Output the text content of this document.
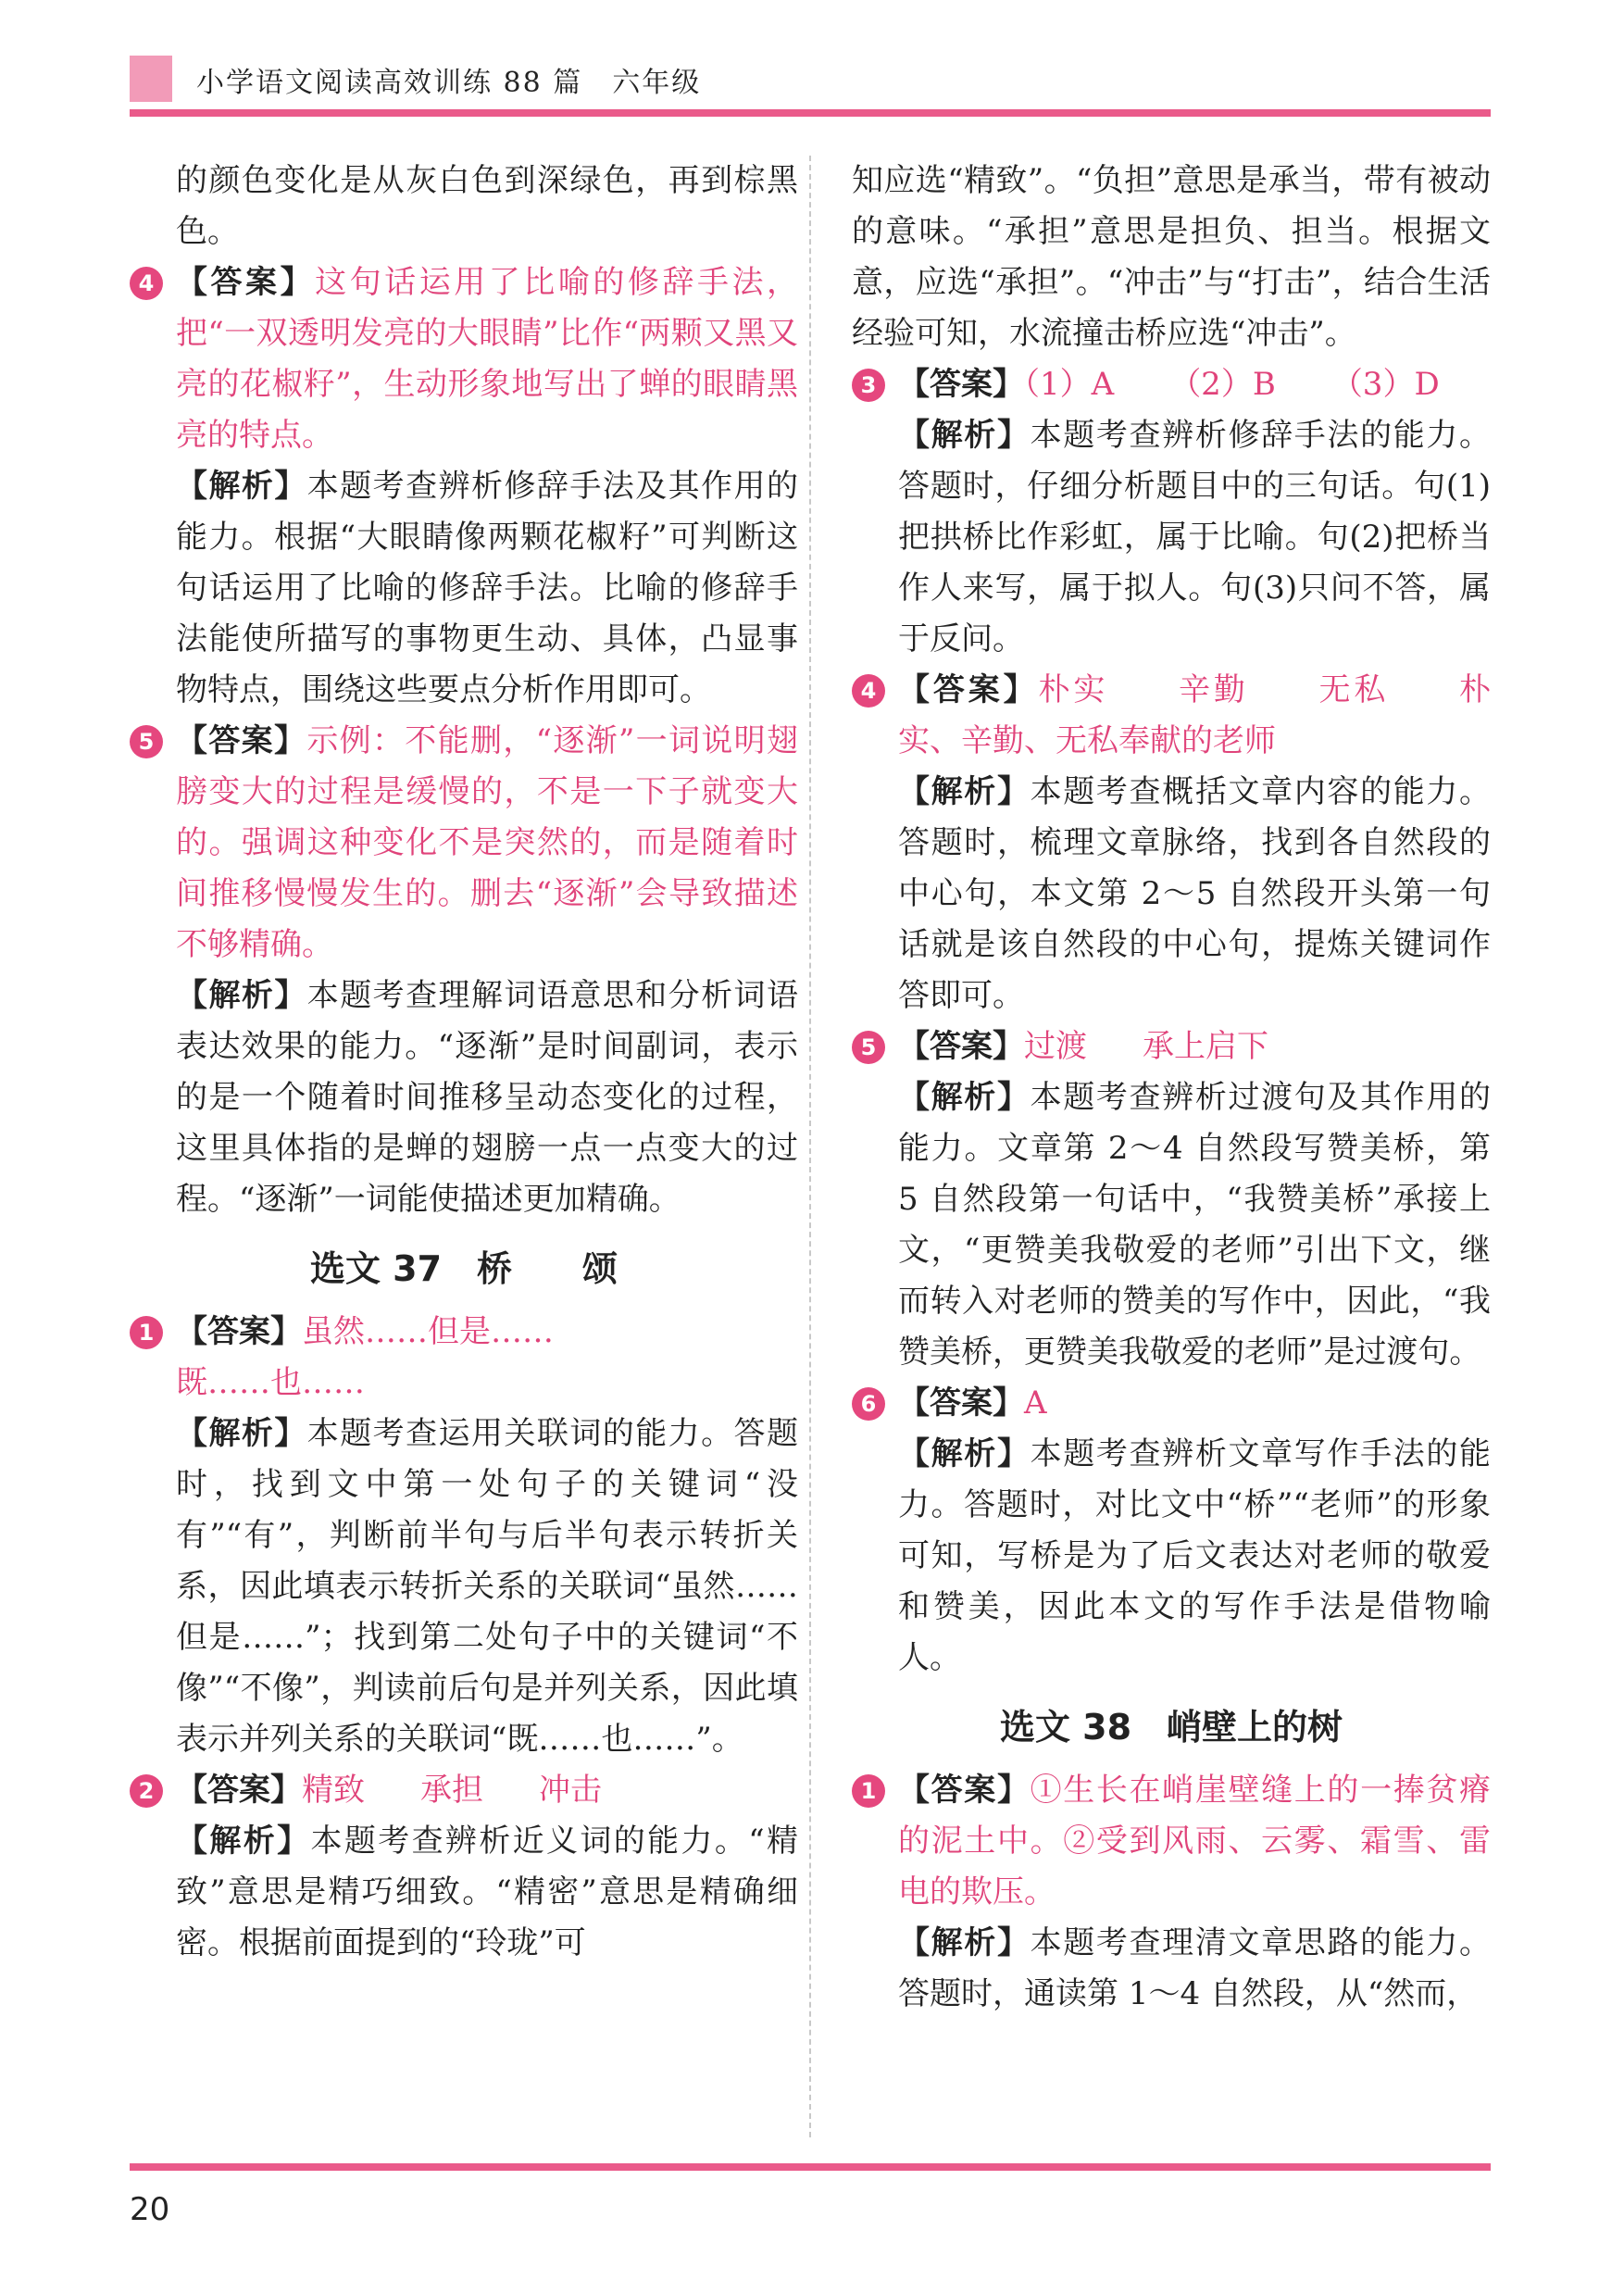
小学语文阅读高效训练 88 篇　六年级

的颜色变化是从灰白色到深绿色，再到棕黑色。

4 【答案】这句话运用了比喻的修辞手法，把“一双透明发亮的大眼睛”比作“两颗又黑又亮的花椒籽”，生动形象地写出了蝉的眼睛黑亮的特点。
【解析】本题考查辨析修辞手法及其作用的能力。根据“大眼睛像两颗花椒籽”可判断这句话运用了比喻的修辞手法。比喻的修辞手法能使所描写的事物更生动、具体，凸显事物特点，围绕这些要点分析作用即可。
5 【答案】示例：不能删，“逐渐”一词说明翅膀变大的过程是缓慢的，不是一下子就变大的。强调这种变化不是突然的，而是随着时间推移慢慢发生的。删去“逐渐”会导致描述不够精确。
【解析】本题考查理解词语意思和分析词语表达效果的能力。“逐渐”是时间副词，表示的是一个随着时间推移呈动态变化的过程，这里具体指的是蝉的翅膀一点一点变大的过程。“逐渐”一词能使描述更加精确。
选文 37　桥　　颂
1 【答案】虽然……但是……
既……也……
【解析】本题考查运用关联词的能力。答题时，找到文中第一处句子的关键词“没有”“有”，判断前半句与后半句表示转折关系，因此填表示转折关系的关联词“虽然……但是……”；找到第二处句子中的关键词“不像”“不像”，判读前后句是并列关系，因此填表示并列关系的关联词“既……也……”。
2 【答案】精致 承担 冲击
【解析】本题考查辨析近义词的能力。“精致”意思是精巧细致。“精密”意思是精确细密。根据前面提到的“玲珑”可

知应选“精致”。“负担”意思是承当，带有被动的意味。“承担”意思是担负、担当。根据文意，应选“承担”。“冲击”与“打击”，结合生活经验可知，水流撞击桥应选“冲击”。

3 【答案】（1）A （2）B （3）D
【解析】本题考查辨析修辞手法的能力。答题时，仔细分析题目中的三句话。句(1)把拱桥比作彩虹，属于比喻。句(2)把桥当作人来写，属于拟人。句(3)只问不答，属于反问。
4 【答案】朴实　　辛勤　　无私　　朴实、辛勤、无私奉献的老师
【解析】本题考查概括文章内容的能力。答题时，梳理文章脉络，找到各自然段的中心句，本文第 2～5 自然段开头第一句话就是该自然段的中心句，提炼关键词作答即可。
5 【答案】过渡 承上启下
【解析】本题考查辨析过渡句及其作用的能力。文章第 2～4 自然段写赞美桥，第 5 自然段第一句话中，“我赞美桥”承接上文，“更赞美我敬爱的老师”引出下文，继而转入对老师的赞美的写作中，因此，“我赞美桥，更赞美我敬爱的老师”是过渡句。
6 【答案】A
【解析】本题考查辨析文章写作手法的能力。答题时，对比文中“桥”“老师”的形象可知，写桥是为了后文表达对老师的敬爱和赞美，因此本文的写作手法是借物喻人。
选文 38　峭壁上的树
1 【答案】①生长在峭崖壁缝上的一捧贫瘠的泥土中。②受到风雨、云雾、霜雪、雷电的欺压。
【解析】本题考查理清文章思路的能力。答题时，通读第 1～4 自然段，从“然而，
20
